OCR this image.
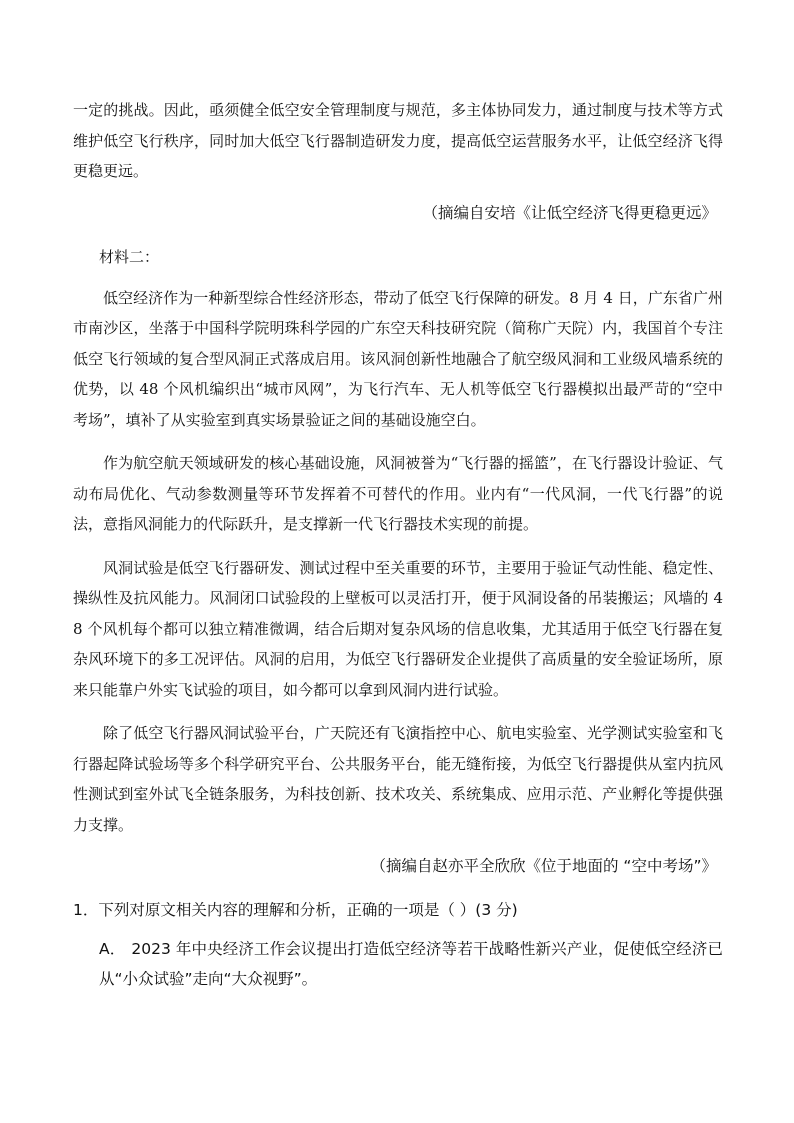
一定的挑战。因此，亟须健全低空安全管理制度与规范，多主体协同发力，通过制度与技术等方式维护低空飞行秩序，同时加大低空飞行器制造研发力度，提高低空运营服务水平，让低空经济飞得更稳更远。

（摘编自安培《让低空经济飞得更稳更远》
材料二：

低空经济作为一种新型综合性经济形态，带动了低空飞行保障的研发。8 月 4 日，广东省广州市南沙区，坐落于中国科学院明珠科学园的广东空天科技研究院（简称广天院）内，我国首个专注低空飞行领域的复合型风洞正式落成启用。该风洞创新性地融合了航空级风洞和工业级风墙系统的优势，以 48 个风机编织出“城市风网”，为飞行汽车、无人机等低空飞行器模拟出最严苛的“空中考场”，填补了从实验室到真实场景验证之间的基础设施空白。

作为航空航天领域研发的核心基础设施，风洞被誉为“飞行器的摇篮”，在飞行器设计验证、气动布局优化、气动参数测量等环节发挥着不可替代的作用。业内有“一代风洞，一代飞行器”的说法，意指风洞能力的代际跃升，是支撑新一代飞行器技术实现的前提。

风洞试验是低空飞行器研发、测试过程中至关重要的环节，主要用于验证气动性能、稳定性、操纵性及抗风能力。风洞闭口试验段的上壁板可以灵活打开，便于风洞设备的吊装搬运；风墙的 48 个风机每个都可以独立精准微调，结合后期对复杂风场的信息收集，尤其适用于低空飞行器在复杂风环境下的多工况评估。风洞的启用，为低空飞行器研发企业提供了高质量的安全验证场所，原来只能靠户外实飞试验的项目，如今都可以拿到风洞内进行试验。

除了低空飞行器风洞试验平台，广天院还有飞演指控中心、航电实验室、光学测试实验室和飞行器起降试验场等多个科学研究平台、公共服务平台，能无缝衔接，为低空飞行器提供从室内抗风性测试到室外试飞全链条服务，为科技创新、技术攻关、系统集成、应用示范、产业孵化等提供强力支撑。

（摘编自赵亦平全欣欣《位于地面的 “空中考场”》
1．下列对原文相关内容的理解和分析，正确的一项是（ ）(3 分)
A． 2023 年中央经济工作会议提出打造低空经济等若干战略性新兴产业，促使低空经济已从“小众试验”走向“大众视野”。
